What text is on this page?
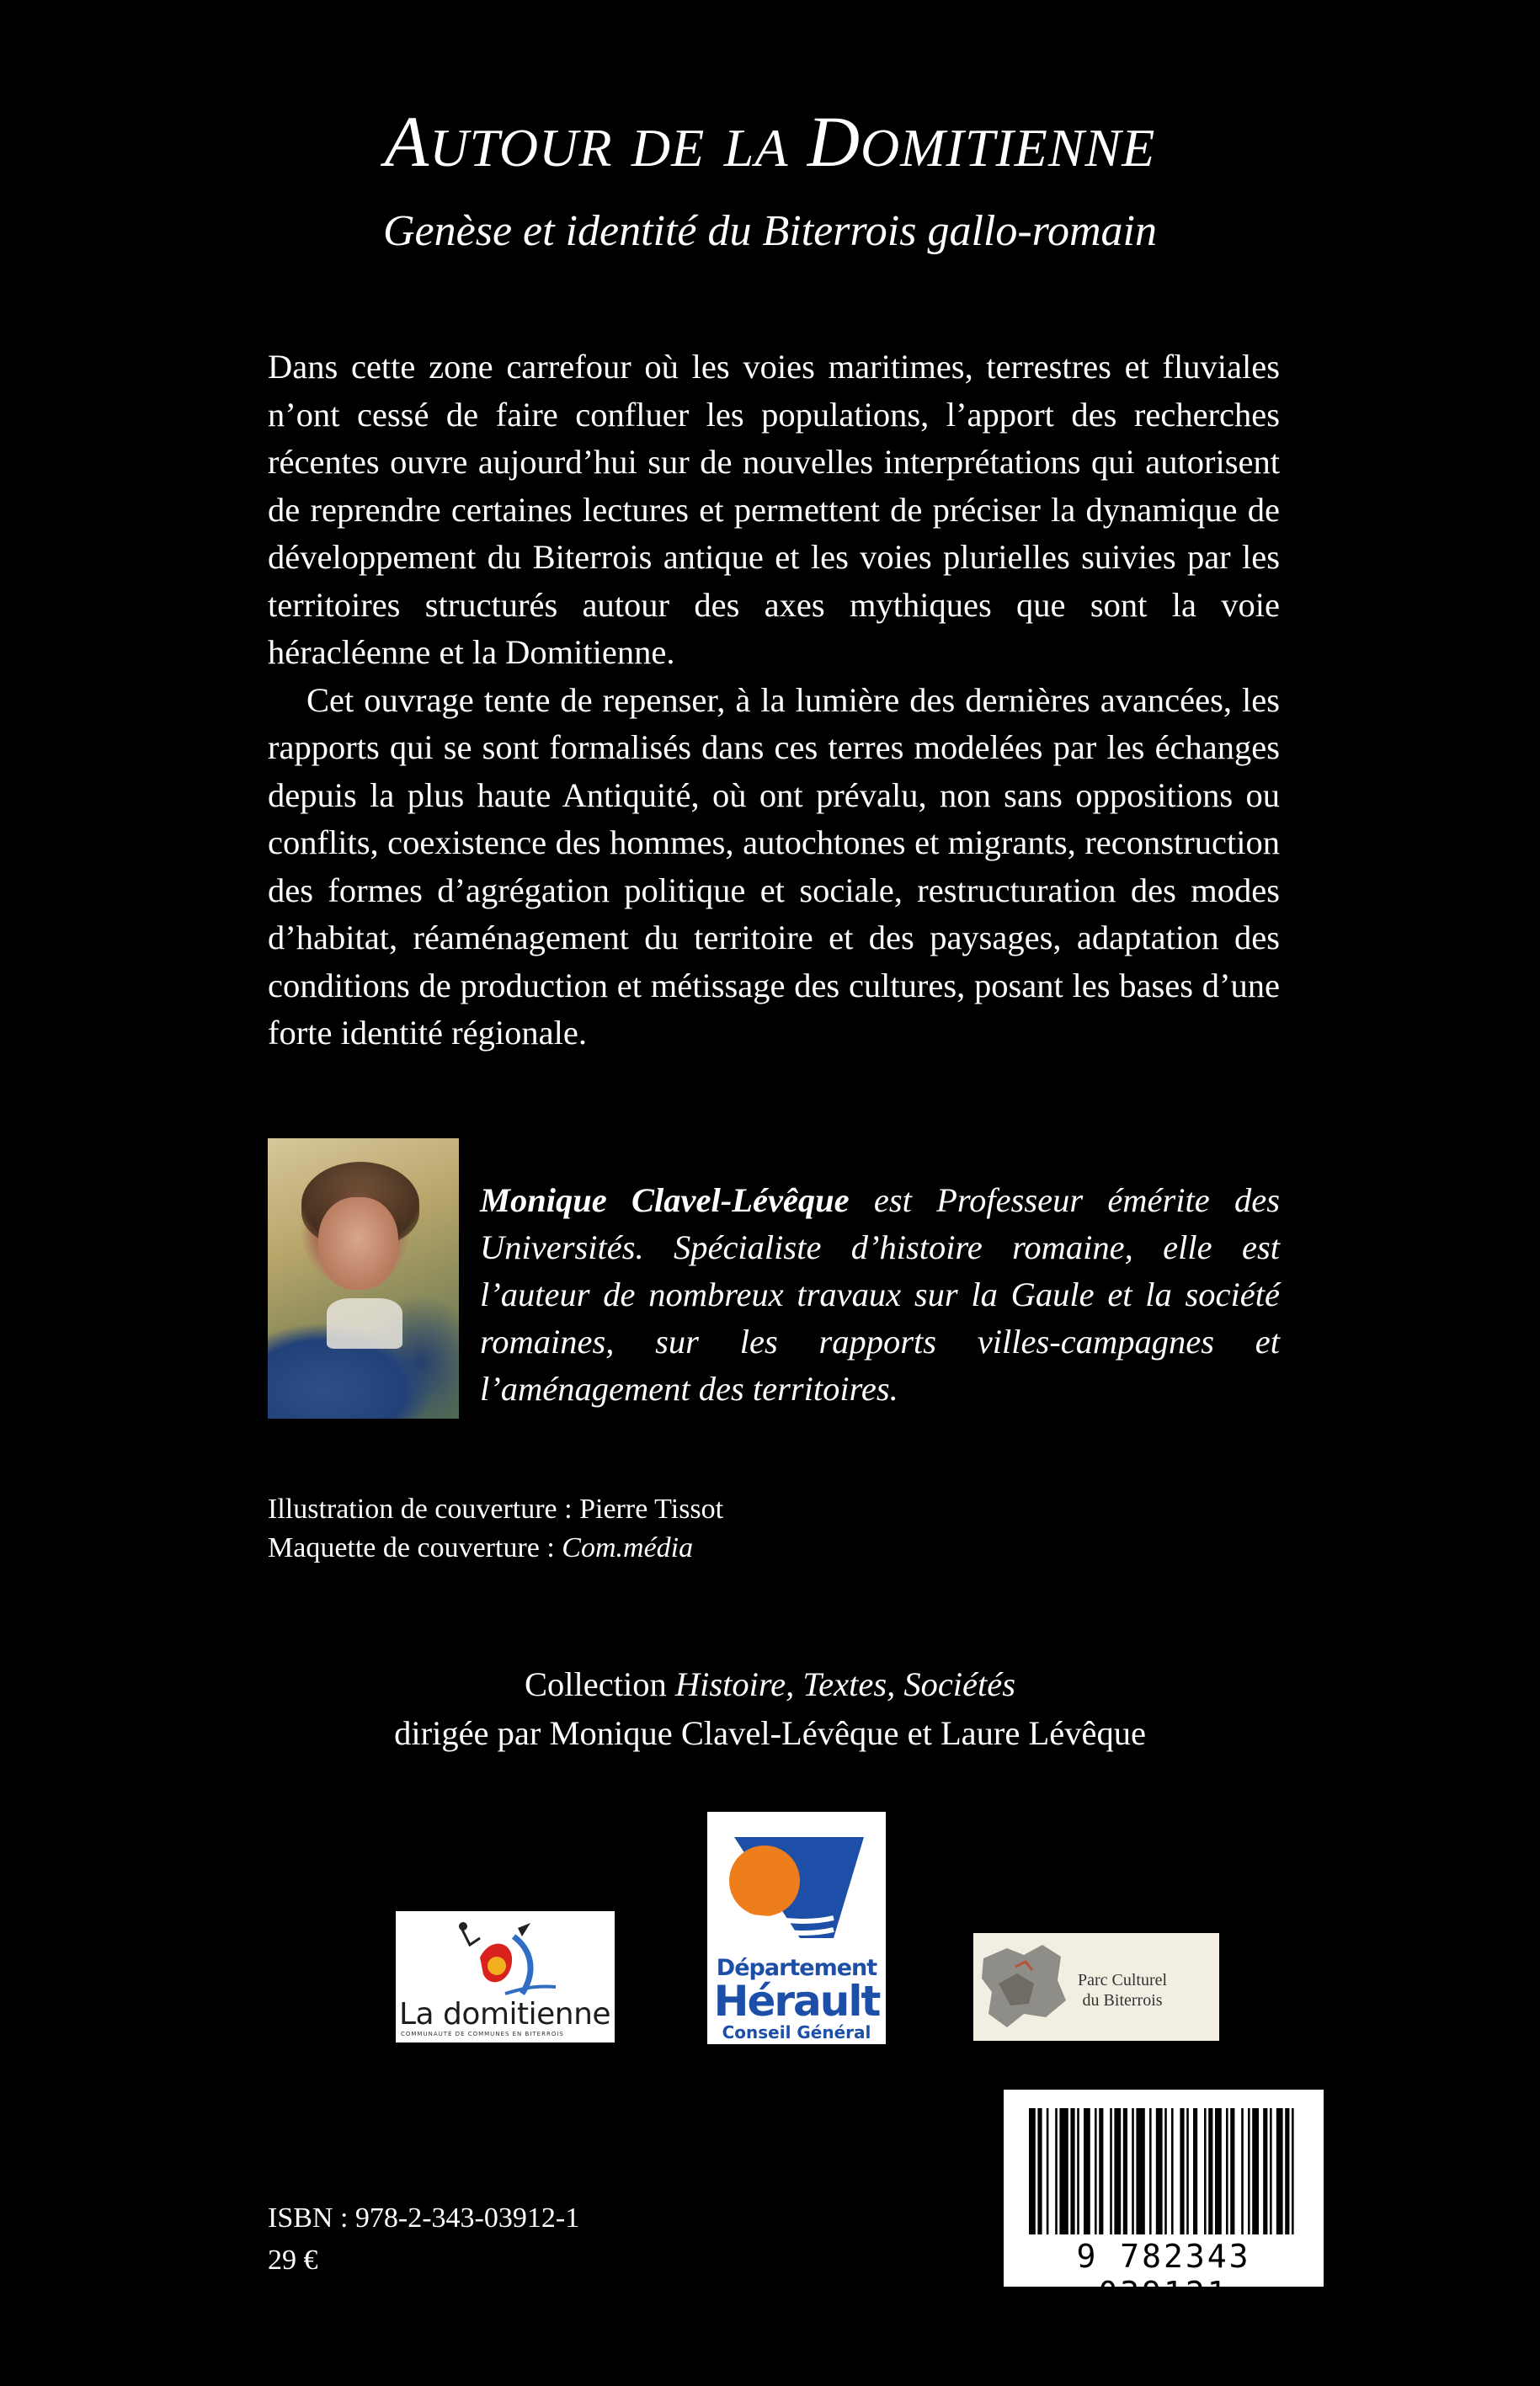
AUTOUR DE LA DOMITIENNE
Genèse et identité du Biterrois gallo-romain

Dans cette zone carrefour où les voies maritimes, terrestres et fluviales n’ont cessé de faire confluer les populations, l’apport des recherches récentes ouvre aujourd’hui sur de nouvelles interprétations qui autorisent de reprendre certaines lectures et permettent de préciser la dynamique de développement du Biterrois antique et les voies plurielles suivies par les territoires structurés autour des axes mythiques que sont la voie héracléenne et la Domitienne.

Cet ouvrage tente de repenser, à la lumière des dernières avancées, les rapports qui se sont formalisés dans ces terres modelées par les échanges depuis la plus haute Antiquité, où ont prévalu, non sans oppositions ou conflits, coexistence des hommes, autochtones et migrants, reconstruction des formes d’agrégation politique et sociale, restructuration des modes d’habitat, réaménagement du territoire et des paysages, adaptation des conditions de production et métissage des cultures, posant les bases d’une forte identité régionale.

Monique Clavel-Lévêque est Professeur émérite des Universités. Spécialiste d’histoire romaine, elle est l’auteur de nombreux travaux sur la Gaule et la société romaines, sur les rapports villes-campagnes et l’aménagement des territoires.

Illustration de couverture : Pierre Tissot
Maquette de couverture : Com.média
Collection Histoire, Textes, Sociétés
dirigée par Monique Clavel-Lévêque et Laure Lévêque
La domitienne
COMMUNAUTÉ DE COMMUNES EN BITERROIS
Département
Hérault
Conseil Général
Parc Culturel
du Biterrois
9 782343 039121
ISBN : 978-2-343-03912-1
29 €
